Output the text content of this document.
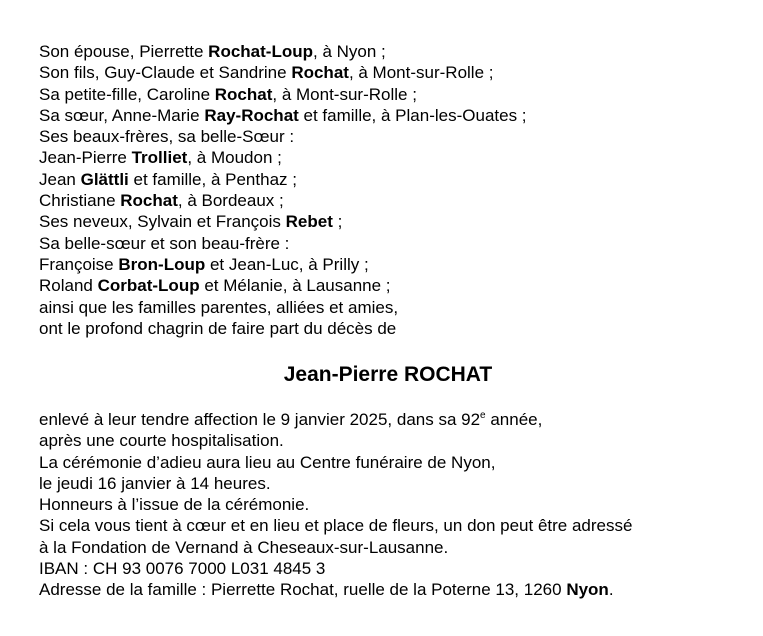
Son épouse, Pierrette Rochat-Loup, à Nyon ;
Son fils, Guy-Claude et Sandrine Rochat, à Mont-sur-Rolle ;
Sa petite-fille, Caroline Rochat, à Mont-sur-Rolle ;
Sa sœur, Anne-Marie Ray-Rochat et famille, à Plan-les-Ouates ;
Ses beaux-frères, sa belle-Sœur :
Jean-Pierre Trolliet, à Moudon ;
Jean Glättli et famille, à Penthaz ;
Christiane Rochat, à Bordeaux ;
Ses neveux, Sylvain et François Rebet ;
Sa belle-sœur et son beau-frère :
Françoise Bron-Loup et Jean-Luc, à Prilly ;
Roland Corbat-Loup et Mélanie, à Lausanne ;
ainsi que les familles parentes, alliées et amies,
ont le profond chagrin de faire part du décès de
Jean-Pierre ROCHAT
enlevé à leur tendre affection le 9 janvier 2025, dans sa 92e année,
après une courte hospitalisation.
La cérémonie d’adieu aura lieu au Centre funéraire de Nyon,
le jeudi 16 janvier à 14 heures.
Honneurs à l’issue de la cérémonie.
Si cela vous tient à cœur et en lieu et place de fleurs, un don peut être adressé
à la Fondation de Vernand à Cheseaux-sur-Lausanne.
IBAN : CH 93 0076 7000 L031 4845 3
Adresse de la famille : Pierrette Rochat, ruelle de la Poterne 13, 1260 Nyon.
